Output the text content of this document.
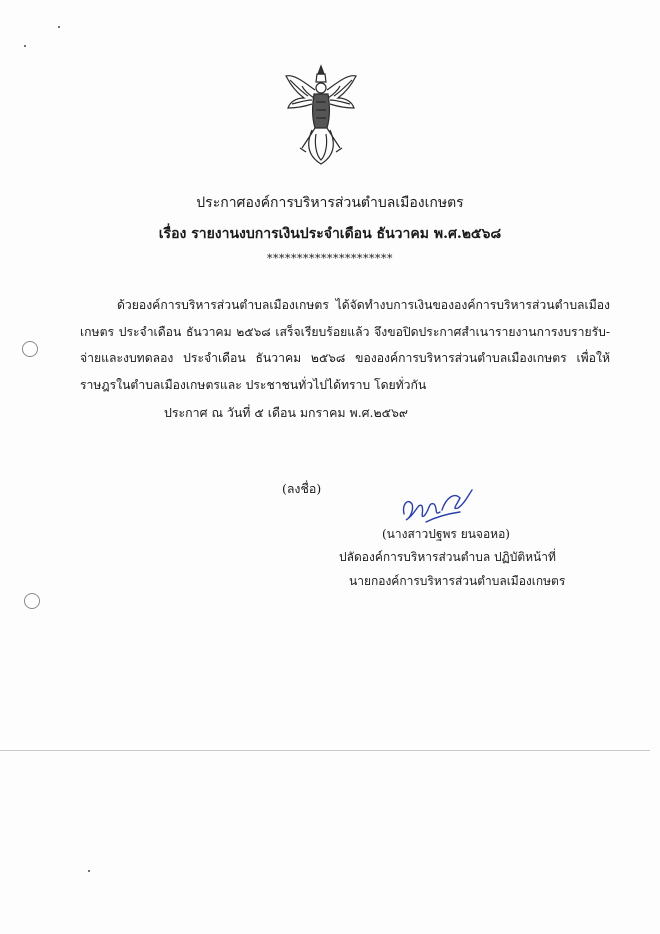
ประกาศองค์การบริหารส่วนตำบลเมืองเกษตร
เรื่อง รายงานงบการเงินประจำเดือน ธันวาคม พ.ศ.๒๕๖๘
*********************
ด้วยองค์การบริหารส่วนตำบลเมืองเกษตร ได้จัดทำงบการเงินขององค์การบริหารส่วนตำบลเมืองเกษตร ประจำเดือน ธันวาคม ๒๕๖๘ เสร็จเรียบร้อยแล้ว จึงขอปิดประกาศสำเนารายงานการงบรายรับ-จ่ายและงบทดลอง ประจำเดือน ธันวาคม ๒๕๖๘ ขององค์การบริหารส่วนตำบลเมืองเกษตร เพื่อให้ราษฎรในตำบลเมืองเกษตรและ ประชาชนทั่วไปได้ทราบ โดยทั่วกัน
ประกาศ ณ วันที่ ๕ เดือน มกราคม พ.ศ.๒๕๖๙
(ลงชื่อ)
(นางสาวปฐพร ยนจอหอ)
ปลัดองค์การบริหารส่วนตำบล ปฏิบัติหน้าที่
นายกองค์การบริหารส่วนตำบลเมืองเกษตร
